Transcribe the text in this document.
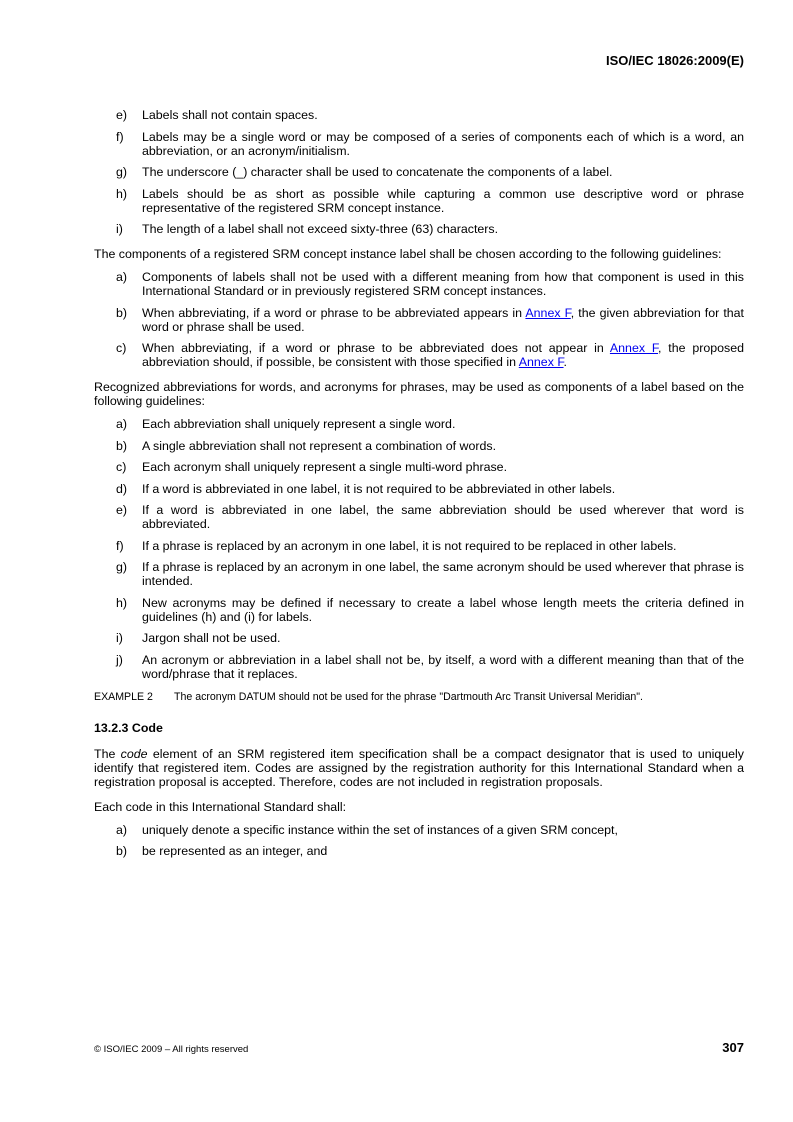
ISO/IEC 18026:2009(E)
e)	Labels shall not contain spaces.
f)	Labels may be a single word or may be composed of a series of components each of which is a word, an abbreviation, or an acronym/initialism.
g)	The underscore (_) character shall be used to concatenate the components of a label.
h)	Labels should be as short as possible while capturing a common use descriptive word or phrase representative of the registered SRM concept instance.
i)	The length of a label shall not exceed sixty-three (63) characters.

The components of a registered SRM concept instance label shall be chosen according to the following guidelines:

a)	Components of labels shall not be used with a different meaning from how that component is used in this International Standard or in previously registered SRM concept instances.
b)	When abbreviating, if a word or phrase to be abbreviated appears in Annex F, the given abbreviation for that word or phrase shall be used.
c)	When abbreviating, if a word or phrase to be abbreviated does not appear in Annex F, the proposed abbreviation should, if possible, be consistent with those specified in Annex F.

Recognized abbreviations for words, and acronyms for phrases, may be used as components of a label based on the following guidelines:

a)	Each abbreviation shall uniquely represent a single word.
b)	A single abbreviation shall not represent a combination of words.
c)	Each acronym shall uniquely represent a single multi-word phrase.
d)	If a word is abbreviated in one label, it is not required to be abbreviated in other labels.
e)	If a word is abbreviated in one label, the same abbreviation should be used wherever that word is abbreviated.
f)	If a phrase is replaced by an acronym in one label, it is not required to be replaced in other labels.
g)	If a phrase is replaced by an acronym in one label, the same acronym should be used wherever that phrase is intended.
h)	New acronyms may be defined if necessary to create a label whose length meets the criteria defined in guidelines (h) and (i) for labels.
i)	Jargon shall not be used.
j)	An acronym or abbreviation in a label shall not be, by itself, a word with a different meaning than that of the word/phrase that it replaces.
EXAMPLE 2	The acronym DATUM should not be used for the phrase "Dartmouth Arc Transit Universal Meridian".
13.2.3 Code

The code element of an SRM registered item specification shall be a compact designator that is used to uniquely identify that registered item. Codes are assigned by the registration authority for this International Standard when a registration proposal is accepted. Therefore, codes are not included in registration proposals.

Each code in this International Standard shall:

a)	uniquely denote a specific instance within the set of instances of a given SRM concept,
b)	be represented as an integer, and
© ISO/IEC 2009 – All rights reserved	307
